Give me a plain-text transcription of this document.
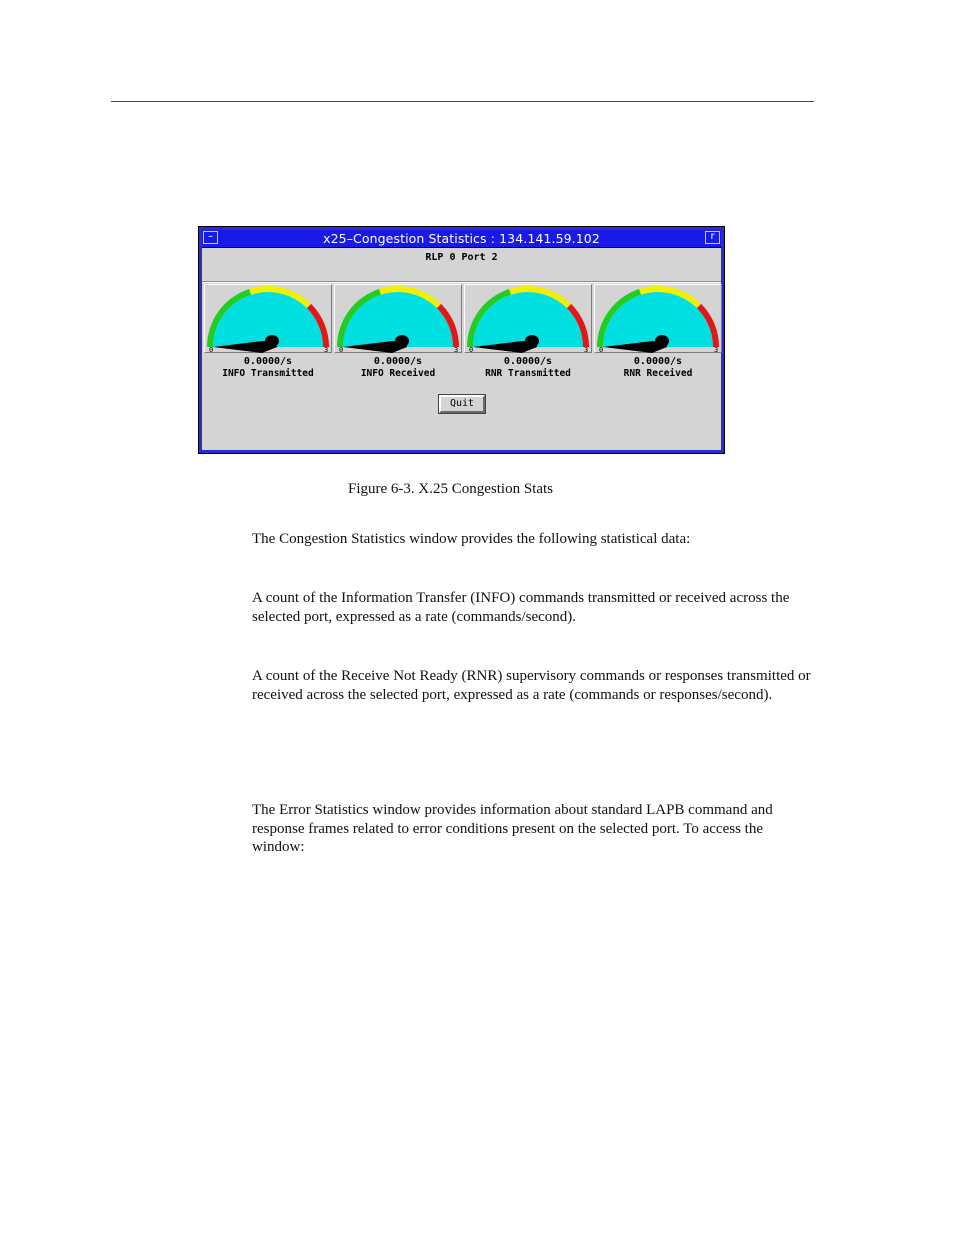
–	x25–Congestion Statistics : 134.141.59.102	r
RLP 0 Port 2
0	3 0	3 0	3 0	3
0.0000/s	0.0000/s	0.0000/s	0.0000/s
INFO Transmitted	INFO Received	RNR Transmitted	RNR Received
Quit
Figure 6-3. X.25 Congestion Stats

The Congestion Statistics window provides the following statistical data:

A count of the Information Transfer (INFO) commands transmitted or received across the selected port, expressed as a rate (commands/second).

A count of the Receive Not Ready (RNR) supervisory commands or responses transmitted or received across the selected port, expressed as a rate (commands or responses/second).

The Error Statistics window provides information about standard LAPB command and response frames related to error conditions present on the selected port. To access the window:
